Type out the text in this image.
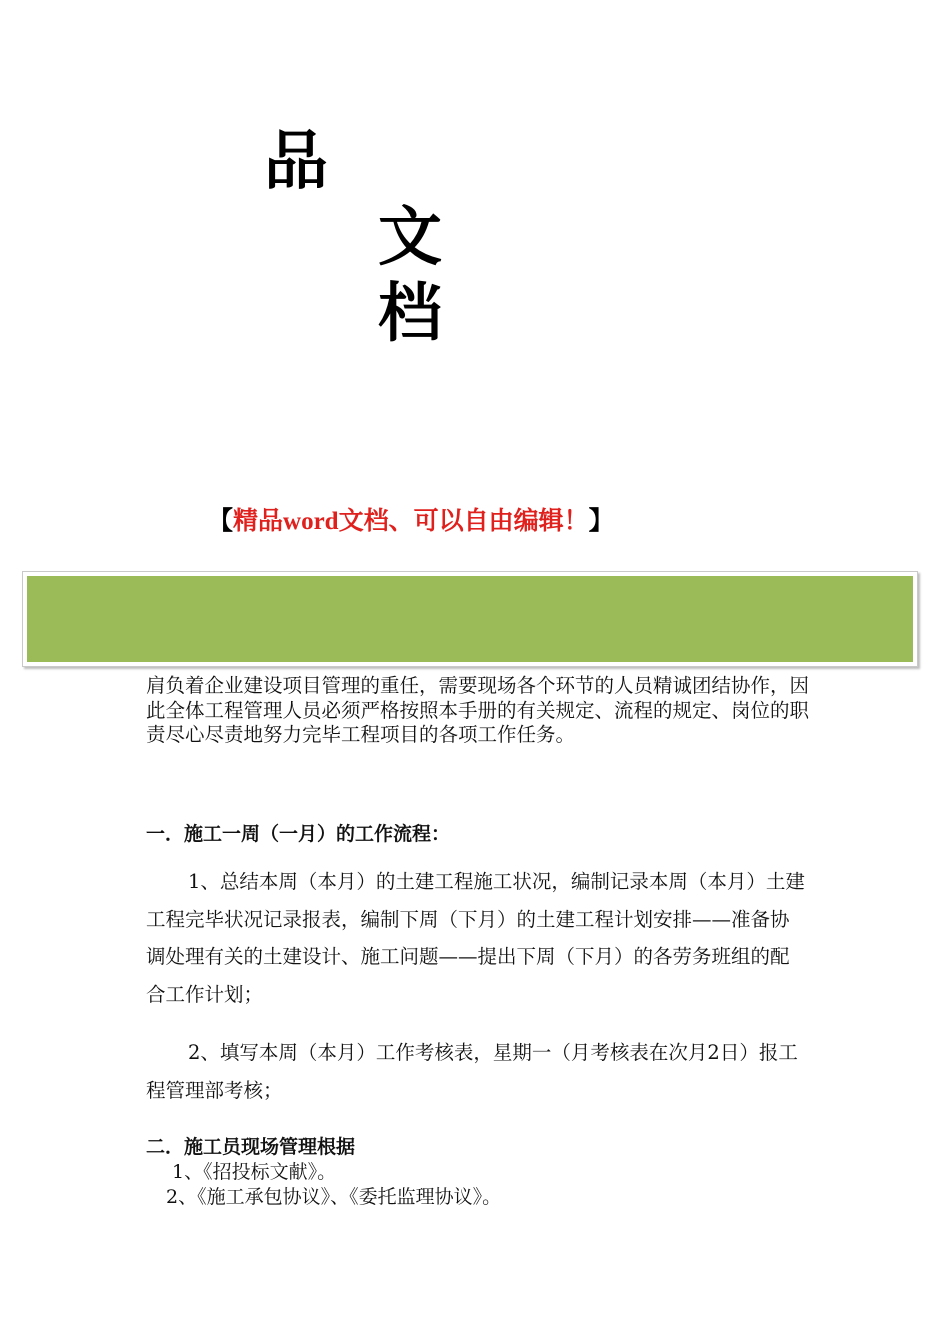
品
文
档
【精品word文档、可以自由编辑！】

肩负着企业建设项目管理的重任，需要现场各个环节的人员精诚团结协作，因此全体工程管理人员必须严格按照本手册的有关规定、流程的规定、岗位的职责尽心尽责地努力完毕工程项目的各项工作任务。

一．施工一周（一月）的工作流程：

1、总结本周（本月）的土建工程施工状况，编制记录本周（本月）土建工程完毕状况记录报表，编制下周（下月）的土建工程计划安排——准备协调处理有关的土建设计、施工问题——提出下周（下月）的各劳务班组的配合工作计划；

2、填写本周（本月）工作考核表，星期一（月考核表在次月2日）报工程管理部考核；

二．施工员现场管理根据

1、《招投标文献》。

2、《施工承包协议》、《委托监理协议》。
